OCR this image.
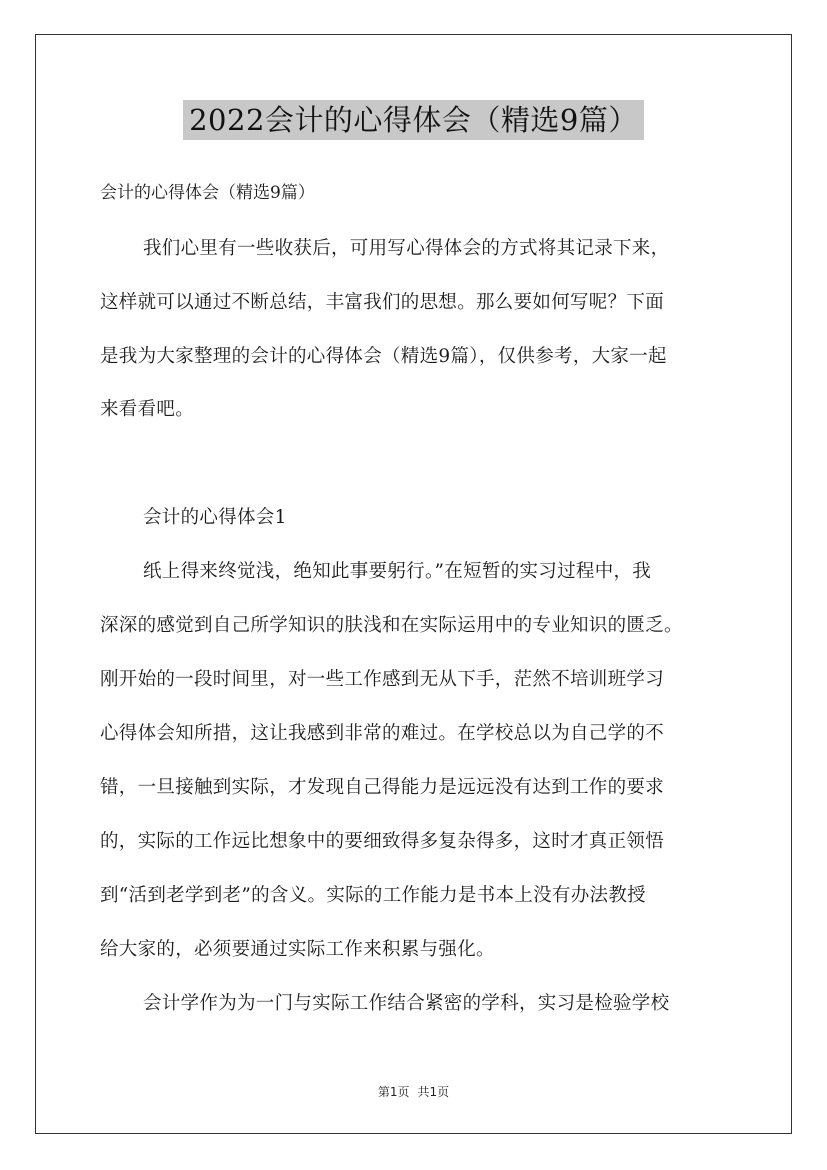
2022会计的心得体会（精选9篇）
会计的心得体会（精选9篇）
我们心里有一些收获后，可用写心得体会的方式将其记录下来，
这样就可以通过不断总结，丰富我们的思想。那么要如何写呢？下面
是我为大家整理的会计的心得体会（精选9篇），仅供参考，大家一起
来看看吧。
会计的心得体会1
纸上得来终觉浅，绝知此事要躬行。”在短暂的实习过程中，我
深深的感觉到自己所学知识的肤浅和在实际运用中的专业知识的匮乏。
刚开始的一段时间里，对一些工作感到无从下手，茫然不培训班学习
心得体会知所措，这让我感到非常的难过。在学校总以为自己学的不
错，一旦接触到实际，才发现自己得能力是远远没有达到工作的要求
的，实际的工作远比想象中的要细致得多复杂得多，这时才真正领悟
到“活到老学到老”的含义。实际的工作能力是书本上没有办法教授
给大家的，必须要通过实际工作来积累与强化。
会计学作为为一门与实际工作结合紧密的学科，实习是检验学校
第1页 共1页
